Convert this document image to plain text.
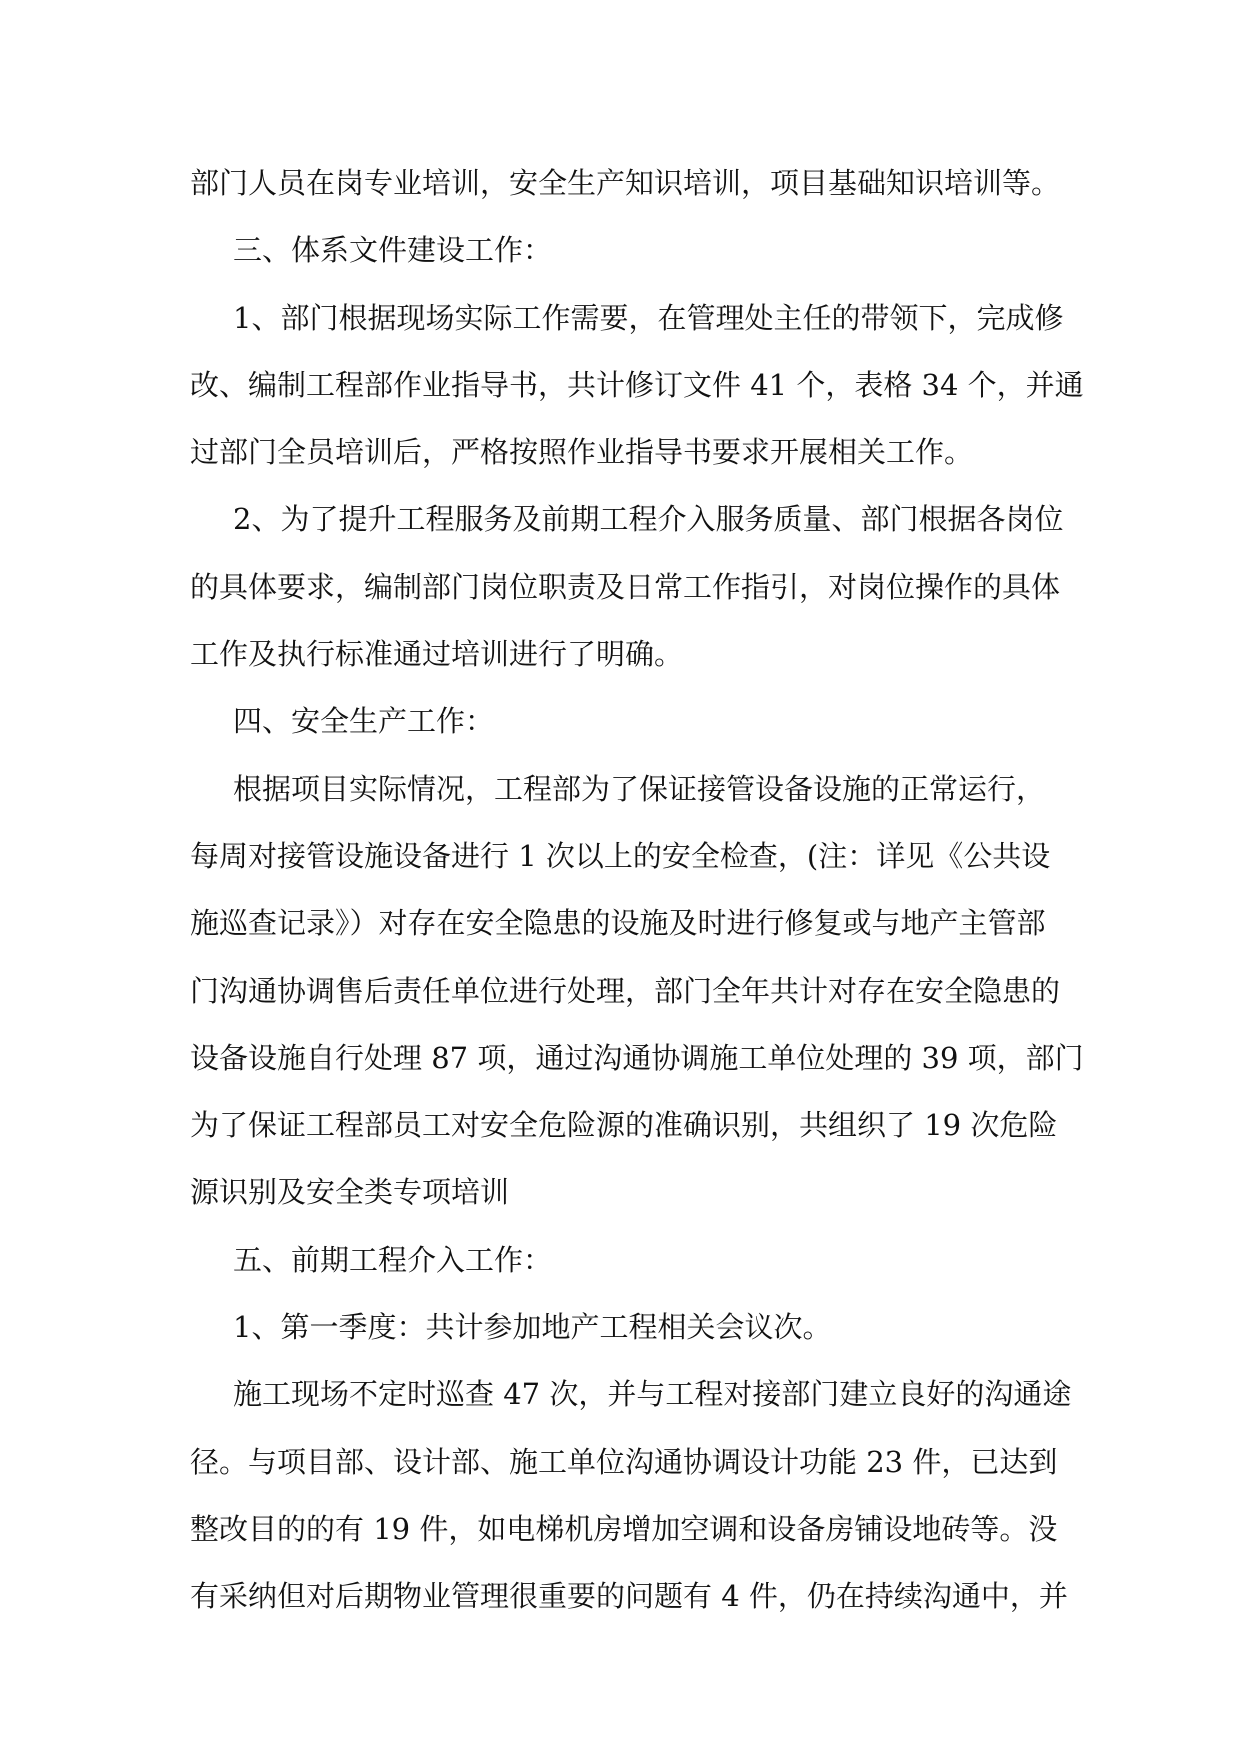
部门人员在岗专业培训，安全生产知识培训，项目基础知识培训等。
三、体系文件建设工作：
1、部门根据现场实际工作需要，在管理处主任的带领下，完成修
改、编制工程部作业指导书，共计修订文件 41 个，表格 34 个，并通
过部门全员培训后，严格按照作业指导书要求开展相关工作。
2、为了提升工程服务及前期工程介入服务质量、部门根据各岗位
的具体要求，编制部门岗位职责及日常工作指引，对岗位操作的具体
工作及执行标准通过培训进行了明确。
四、安全生产工作：
根据项目实际情况，工程部为了保证接管设备设施的正常运行，
每周对接管设施设备进行 1 次以上的安全检查，(注：详见《公共设
施巡查记录》）对存在安全隐患的设施及时进行修复或与地产主管部
门沟通协调售后责任单位进行处理，部门全年共计对存在安全隐患的
设备设施自行处理 87 项，通过沟通协调施工单位处理的 39 项，部门
为了保证工程部员工对安全危险源的准确识别，共组织了 19 次危险
源识别及安全类专项培训
五、前期工程介入工作：
1、第一季度：共计参加地产工程相关会议次。
施工现场不定时巡查 47 次，并与工程对接部门建立良好的沟通途
径。与项目部、设计部、施工单位沟通协调设计功能 23 件，已达到
整改目的的有 19 件，如电梯机房增加空调和设备房铺设地砖等。没
有采纳但对后期物业管理很重要的问题有 4 件，仍在持续沟通中，并
